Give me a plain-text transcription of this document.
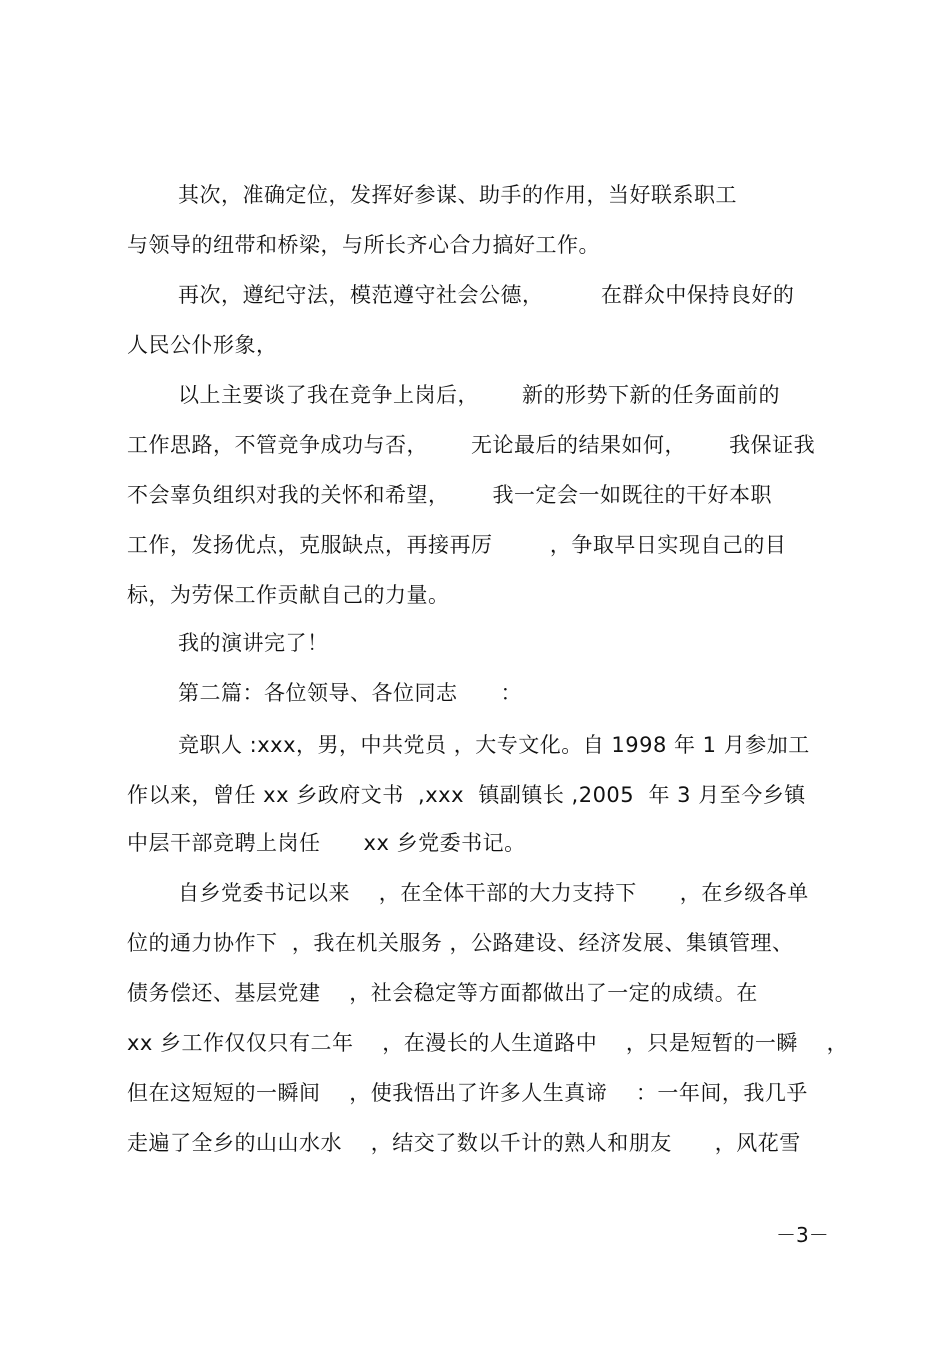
其次，准确定位，发挥好参谋、助手的作用，当好联系职工
与领导的纽带和桥梁，与所长齐心合力搞好工作。
再次，遵纪守法，模范遵守社会公德，        在群众中保持良好的
人民公仆形象，
以上主要谈了我在竞争上岗后，      新的形势下新的任务面前的
工作思路，不管竞争成功与否，      无论最后的结果如何，      我保证我
不会辜负组织对我的关怀和希望，      我一定会一如既往的干好本职
工作，发扬优点，克服缺点，再接再厉        ，争取早日实现自己的目
标，为劳保工作贡献自己的力量。
我的演讲完了！
第二篇：各位领导、各位同志      ：
竞职人 :xxx，男，中共党员 ，大专文化。自 1998 年 1 月参加工
作以来，曾任 xx 乡政府文书  ,xxx  镇副镇长 ,2005  年 3 月至今乡镇
中层干部竞聘上岗任      xx 乡党委书记。
自乡党委书记以来    ，在全体干部的大力支持下      ，在乡级各单
位的通力协作下  ，我在机关服务 ，公路建设、经济发展、集镇管理、
债务偿还、基层党建    ，社会稳定等方面都做出了一定的成绩。在
xx 乡工作仅仅只有二年    ，在漫长的人生道路中    ，只是短暂的一瞬    ，
但在这短短的一瞬间    ，使我悟出了许多人生真谛    ：一年间，我几乎
走遍了全乡的山山水水    ，结交了数以千计的熟人和朋友      ，风花雪
－3－
